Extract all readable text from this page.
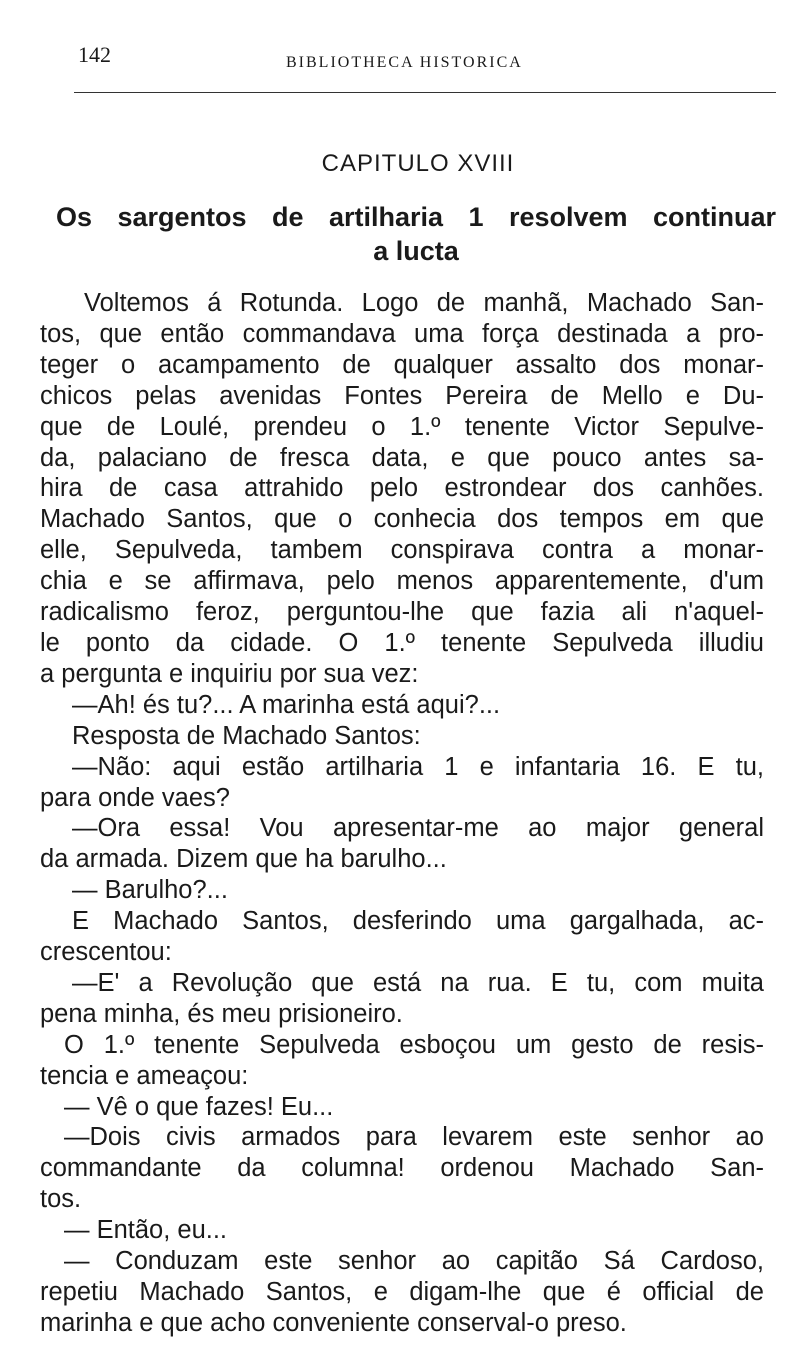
142	BIBLIOTHECA HISTORICA
CAPITULO XVIII
Os sargentos de artilharia 1 resolvem continuar
a lucta
Voltemos á Rotunda. Logo de manhã, Machado San-
tos, que então commandava uma força destinada a pro-
teger o acampamento de qualquer assalto dos monar-
chicos pelas avenidas Fontes Pereira de Mello e Du-
que de Loulé, prendeu o 1.º tenente Victor Sepulve-
da, palaciano de fresca data, e que pouco antes sa-
hira de casa attrahido pelo estrondear dos canhões.
Machado Santos, que o conhecia dos tempos em que
elle, Sepulveda, tambem conspirava contra a monar-
chia e se affirmava, pelo menos apparentemente, d'um
radicalismo feroz, perguntou-lhe que fazia ali n'aquel-
le ponto da cidade. O 1.º tenente Sepulveda illudiu
a pergunta e inquiriu por sua vez:
—Ah! és tu?... A marinha está aqui?...
Resposta de Machado Santos:
—Não: aqui estão artilharia 1 e infantaria 16. E tu,
para onde vaes?
—Ora essa! Vou apresentar-me ao major general
da armada. Dizem que ha barulho...
— Barulho?...
E Machado Santos, desferindo uma gargalhada, ac-
crescentou:
—E' a Revolução que está na rua. E tu, com muita
pena minha, és meu prisioneiro.
O 1.º tenente Sepulveda esboçou um gesto de resis-
tencia e ameaçou:
— Vê o que fazes! Eu...
—Dois civis armados para levarem este senhor ao
commandante da columna! ordenou Machado San-
tos.
— Então, eu...
— Conduzam este senhor ao capitão Sá Cardoso,
repetiu Machado Santos, e digam-lhe que é official de
marinha e que acho conveniente conserval-o preso.
